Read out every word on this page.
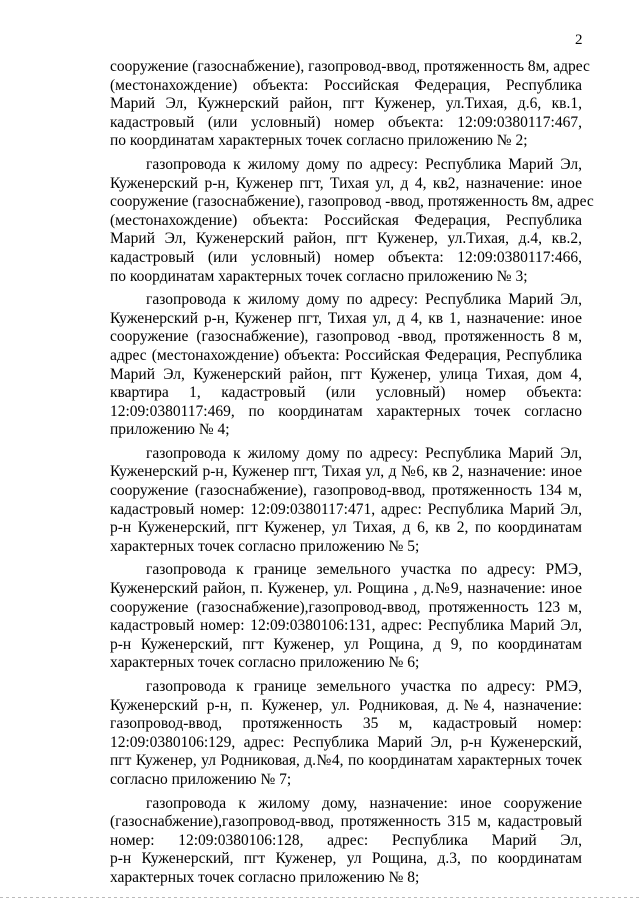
2
сооружение (газоснабжение), газопровод-ввод, протяженность 8м, адрес
(местонахождение) объекта: Российская Федерация, Республика
Марий Эл, Кужнерский район, пгт Куженер, ул.Тихая, д.6, кв.1,
кадастровый (или условный) номер объекта: 12:09:0380117:467,
по координатам характерных точек согласно приложению № 2;
газопровода к жилому дому по адресу: Республика Марий Эл,
Куженерский р-н, Куженер пгт, Тихая ул, д 4, кв2, назначение: иное
сооружение (газоснабжение), газопровод -ввод, протяженность 8м, адрес
(местонахождение) объекта: Российская Федерация, Республика
Марий Эл, Куженерский район, пгт Куженер, ул.Тихая, д.4, кв.2,
кадастровый (или условный) номер объекта: 12:09:0380117:466,
по координатам характерных точек согласно приложению № 3;
газопровода к жилому дому по адресу: Республика Марий Эл,
Куженерский р-н, Куженер пгт, Тихая ул, д 4, кв 1, назначение: иное
сооружение (газоснабжение), газопровод -ввод, протяженность 8 м,
адрес (местонахождение) объекта: Российская Федерация, Республика
Марий Эл, Куженерский район, пгт Куженер, улица Тихая, дом 4,
квартира 1, кадастровый (или условный) номер объекта:
12:09:0380117:469, по координатам характерных точек согласно
приложению № 4;
газопровода к жилому дому по адресу: Республика Марий Эл,
Куженерский р-н, Куженер пгт, Тихая ул, д №6, кв 2, назначение: иное
сооружение (газоснабжение), газопровод-ввод, протяженность 134 м,
кадастровый номер: 12:09:0380117:471, адрес: Республика Марий Эл,
р-н Куженерский, пгт Куженер, ул Тихая, д 6, кв 2, по координатам
характерных точек согласно приложению № 5;
газопровода к границе земельного участка по адресу: РМЭ,
Куженерский район, п. Куженер, ул. Рощина , д.№9, назначение: иное
сооружение (газоснабжение),газопровод-ввод, протяженность 123 м,
кадастровый номер: 12:09:0380106:131, адрес: Республика Марий Эл,
р-н Куженерский, пгт Куженер, ул Рощина, д 9, по координатам
характерных точек согласно приложению № 6;
газопровода к границе земельного участка по адресу: РМЭ,
Куженерский р-н, п. Куженер, ул. Родниковая, д.№4, назначение:
газопровод-ввод, протяженность 35 м, кадастровый номер:
12:09:0380106:129, адрес: Республика Марий Эл, р-н Куженерский,
пгт Куженер, ул Родниковая, д.№4, по координатам характерных точек
согласно приложению № 7;
газопровода к жилому дому, назначение: иное сооружение
(газоснабжение),газопровод-ввод, протяженность 315 м, кадастровый
номер: 12:09:0380106:128, адрес: Республика Марий Эл,
р-н Куженерский, пгт Куженер, ул Рощина, д.3, по координатам
характерных точек согласно приложению № 8;
